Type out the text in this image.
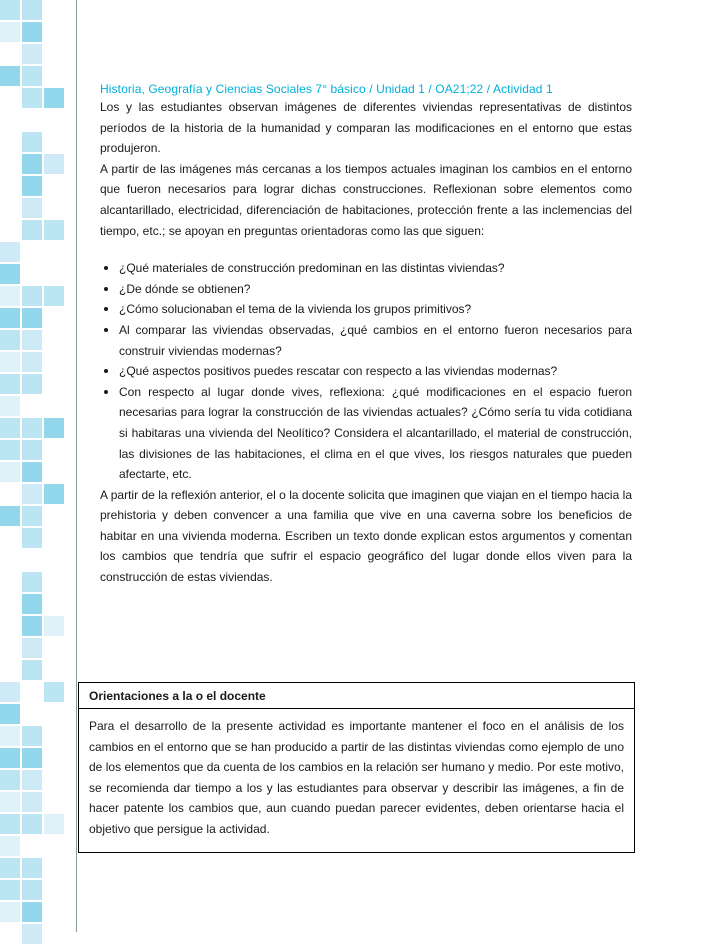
Historia, Geografía y Ciencias Sociales 7° básico / Unidad 1 / OA21;22 / Actividad 1

Los y las estudiantes observan imágenes de diferentes viviendas representativas de distintos períodos de la historia de la humanidad y comparan las modificaciones en el entorno que estas produjeron.

A partir de las imágenes más cercanas a los tiempos actuales imaginan los cambios en el entorno que fueron necesarios para lograr dichas construcciones. Reflexionan sobre elementos como alcantarillado, electricidad, diferenciación de habitaciones, protección frente a las inclemencias del tiempo, etc.; se apoyan en preguntas orientadoras como las que siguen:

¿Qué materiales de construcción predominan en las distintas viviendas?
¿De dónde se obtienen?
¿Cómo solucionaban el tema de la vivienda los grupos primitivos?
Al comparar las viviendas observadas, ¿qué cambios en el entorno fueron necesarios para construir viviendas modernas?
¿Qué aspectos positivos puedes rescatar con respecto a las viviendas modernas?
Con respecto al lugar donde vives, reflexiona: ¿qué modificaciones en el espacio fueron necesarias para lograr la construcción de las viviendas actuales? ¿Cómo sería tu vida cotidiana si habitaras una vivienda del Neolítico? Considera el alcantarillado, el material de construcción, las divisiones de las habitaciones, el clima en el que vives, los riesgos naturales que pueden afectarte, etc.

A partir de la reflexión anterior, el o la docente solicita que imaginen que viajan en el tiempo hacia la prehistoria y deben convencer a una familia que vive en una caverna sobre los beneficios de habitar en una vivienda moderna. Escriben un texto donde explican estos argumentos y comentan los cambios que tendría que sufrir el espacio geográfico del lugar donde ellos viven para la construcción de estas viviendas.

Orientaciones a la o el docente
Para el desarrollo de la presente actividad es importante mantener el foco en el análisis de los cambios en el entorno que se han producido a partir de las distintas viviendas como ejemplo de uno de los elementos que da cuenta de los cambios en la relación ser humano y medio. Por este motivo, se recomienda dar tiempo a los y las estudiantes para observar y describir las imágenes, a fin de hacer patente los cambios que, aun cuando puedan parecer evidentes, deben orientarse hacia el objetivo que persigue la actividad.
